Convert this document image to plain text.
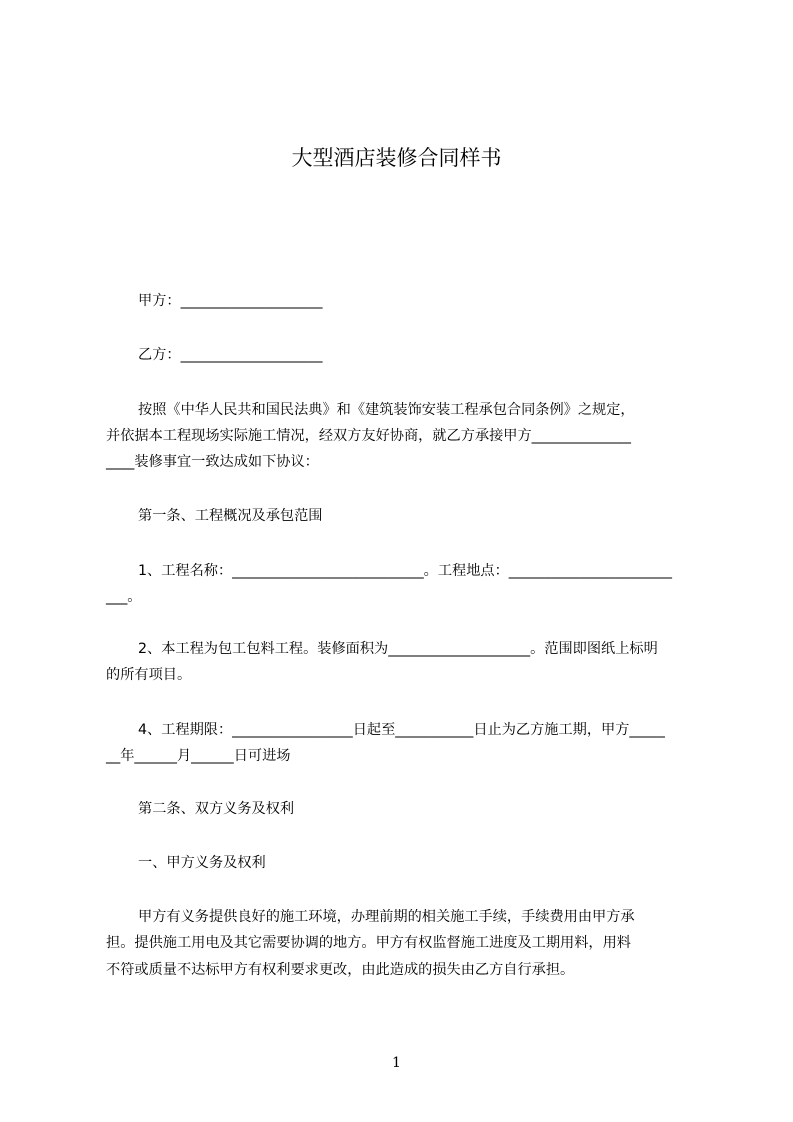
大型酒店装修合同样书
甲方：____________________
乙方：____________________
按照《中华人民共和国民法典》和《建筑装饰安装工程承包合同条例》之规定，
并依据本工程现场实际施工情况，经双方友好协商，就乙方承接甲方______________
____装修事宜一致达成如下协议：
第一条、工程概况及承包范围
1、工程名称：___________________________。工程地点：_______________________
___。
2、本工程为包工包料工程。装修面积为____________________。范围即图纸上标明
的所有项目。
4、工程期限：_________________日起至___________日止为乙方施工期，甲方_____
__年______月______日可进场
第二条、双方义务及权利
一、甲方义务及权利
甲方有义务提供良好的施工环境，办理前期的相关施工手续，手续费用由甲方承
担。提供施工用电及其它需要协调的地方。甲方有权监督施工进度及工期用料，用料
不符或质量不达标甲方有权利要求更改，由此造成的损失由乙方自行承担。
1
